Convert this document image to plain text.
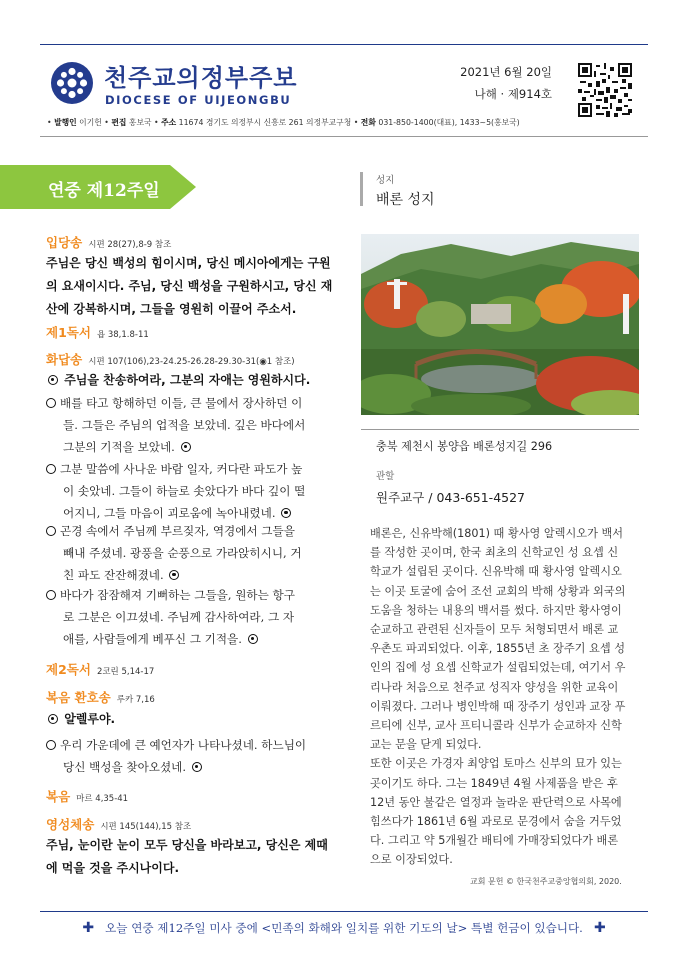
천주교의정부주보
DIOCESE OF UIJEONGBU
2021년 6월 20일
나해 · 제914호
• 발행인 이기헌 • 편집 홍보국 • 주소 11674 경기도 의정부시 신흥로 261 의정부교구청 • 전화 031-850-1400(대표), 1433~5(홍보국)
연중 제12주일
입당송 시편 28(27),8-9 참조
주님은 당신 백성의 힘이시며, 당신 메시아에게는 구원
의 요새이시다. 주님, 당신 백성을 구원하시고, 당신 재
산에 강복하시며, 그들을 영원히 이끌어 주소서.
제1독서 욥 38,1.8-11
화답송 시편 107(106),23-24.25-26.28-29.30-31(◉1 참조)
주님을 찬송하여라, 그분의 자애는 영원하시다.
배를 타고 항해하던 이들, 큰 물에서 장사하던 이
들. 그들은 주님의 업적을 보았네. 깊은 바다에서
그분의 기적을 보았네.
그분 말씀에 사나운 바람 일자, 커다란 파도가 높
이 솟았네. 그들이 하늘로 솟았다가 바다 깊이 떨
어지니, 그들 마음이 괴로움에 녹아내렸네.
곤경 속에서 주님께 부르짖자, 역경에서 그들을
빼내 주셨네. 광풍을 순풍으로 가라앉히시니, 거
친 파도 잔잔해졌네.
바다가 잠잠해져 기뻐하는 그들을, 원하는 항구
로 그분은 이끄셨네. 주님께 감사하여라, 그 자
애를, 사람들에게 베푸신 그 기적을.
제2독서 2코린 5,14-17
복음 환호송 루카 7,16
알렐루야.
우리 가운데에 큰 예언자가 나타나셨네. 하느님이
당신 백성을 찾아오셨네.
복음 마르 4,35-41
영성체송 시편 145(144),15 참조
주님, 눈이란 눈이 모두 당신을 바라보고, 당신은 제때
에 먹을 것을 주시나이다.
성지
배론 성지
충북 제천시 봉양읍 배론성지길 296
관할
원주교구 / 043-651-4527
배론은, 신유박해(1801) 때 황사영 알렉시오가 백서
를 작성한 곳이며, 한국 최초의 신학교인 성 요셉 신
학교가 설립된 곳이다. 신유박해 때 황사영 알렉시오
는 이곳 토굴에 숨어 조선 교회의 박해 상황과 외국의
도움을 청하는 내용의 백서를 썼다. 하지만 황사영이
순교하고 관련된 신자들이 모두 처형되면서 배론 교
우촌도 파괴되었다. 이후, 1855년 초 장주기 요셉 성
인의 집에 성 요셉 신학교가 설립되었는데, 여기서 우
리나라 처음으로 천주교 성직자 양성을 위한 교육이
이뤄졌다. 그러나 병인박해 때 장주기 성인과 교장 푸
르티에 신부, 교사 프티니콜라 신부가 순교하자 신학
교는 문을 닫게 되었다.
또한 이곳은 가경자 최양업 토마스 신부의 묘가 있는
곳이기도 하다. 그는 1849년 4월 사제품을 받은 후
12년 동안 불같은 열정과 놀라운 판단력으로 사목에
힘쓰다가 1861년 6월 과로로 문경에서 숨을 거두었
다. 그리고 약 5개월간 배티에 가매장되었다가 배론
으로 이장되었다.
교회 문헌 © 한국천주교중앙협의회, 2020.
✚ 오늘 연중 제12주일 미사 중에 <민족의 화해와 일치를 위한 기도의 날> 특별 헌금이 있습니다. ✚
